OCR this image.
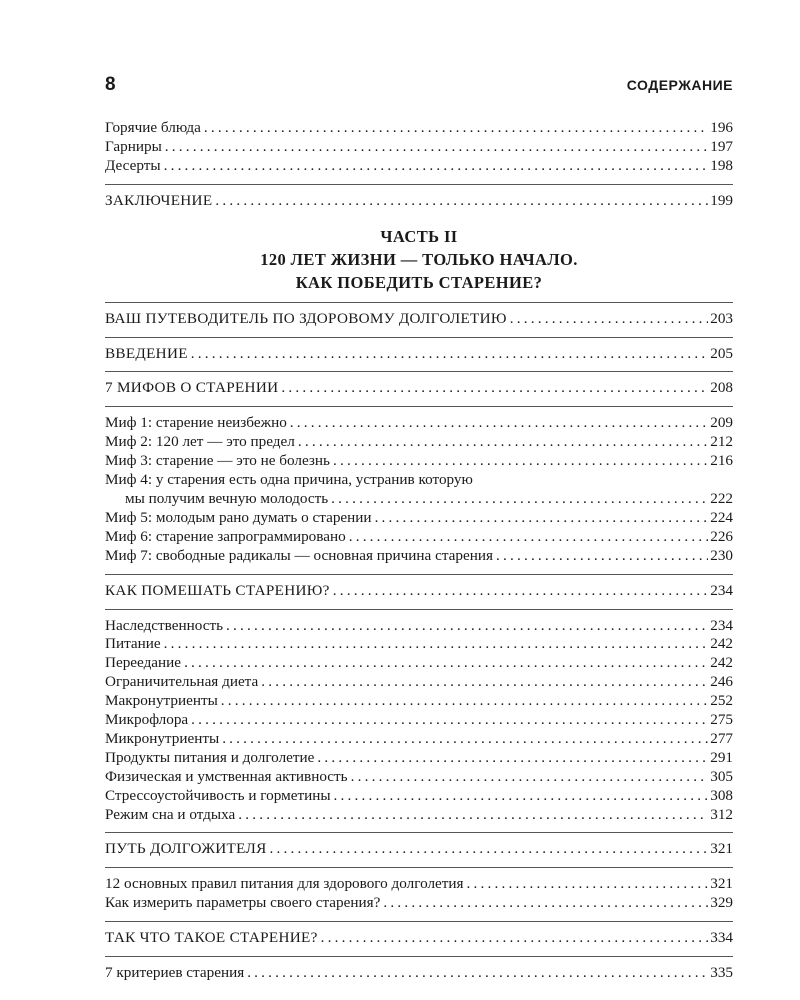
8	СОДЕРЖАНИЕ
Горячие блюда . . .	196
Гарниры . . .	197
Десерты . . .	198
ЗАКЛЮЧЕНИЕ . . .	199
ЧАСТЬ II
120 ЛЕТ ЖИЗНИ — ТОЛЬКО НАЧАЛО.
КАК ПОБЕДИТЬ СТАРЕНИЕ?
ВАШ ПУТЕВОДИТЕЛЬ ПО ЗДОРОВОМУ ДОЛГОЛЕТИЮ . . .	203
ВВЕДЕНИЕ . . .	205
7 МИФОВ О СТАРЕНИИ . . .	208
Миф 1: старение неизбежно . . .	209
Миф 2: 120 лет — это предел . . .	212
Миф 3: старение — это не болезнь . . .	216
Миф 4: у старения есть одна причина, устранив которую
мы получим вечную молодость . . .	222
Миф 5: молодым рано думать о старении . . .	224
Миф 6: старение запрограммировано . . .	226
Миф 7: свободные радикалы — основная причина старения . . .	230
КАК ПОМЕШАТЬ СТАРЕНИЮ? . . .	234
Наследственность . . .	234
Питание . . .	242
Переедание . . .	242
Ограничительная диета . . .	246
Макронутриенты . . .	252
Микрофлора . . .	275
Микронутриенты . . .	277
Продукты питания и долголетие . . .	291
Физическая и умственная активность . . .	305
Стрессоустойчивость и горметины . . .	308
Режим сна и отдыха . . .	312
ПУТЬ ДОЛГОЖИТЕЛЯ . . .	321
12 основных правил питания для здорового долголетия . . .	321
Как измерить параметры своего старения? . . .	329
ТАК ЧТО ТАКОЕ СТАРЕНИЕ? . . .	334
7 критериев старения . . .	335
